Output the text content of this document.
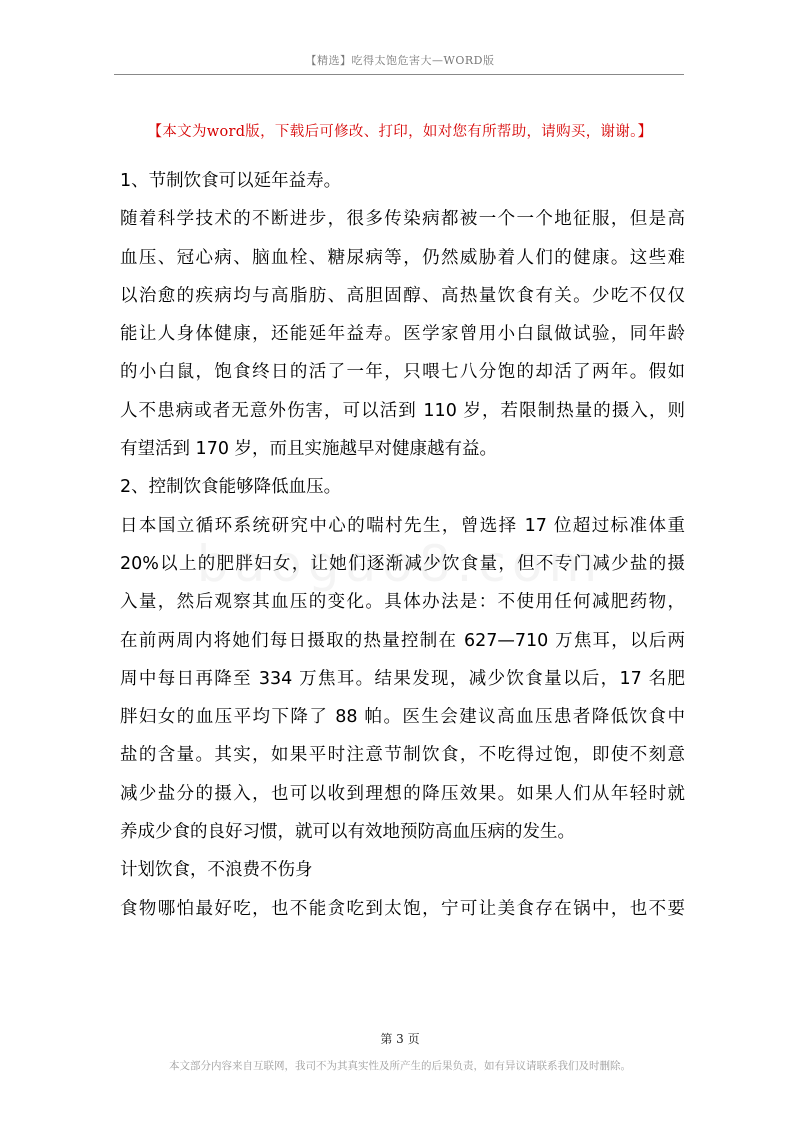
【精选】吃得太饱危害大—WORD版
【本文为word版，下载后可修改、打印，如对您有所帮助，请购买，谢谢。】
1、节制饮食可以延年益寿。
随着科学技术的不断进步，很多传染病都被一个一个地征服，但是高
血压、冠心病、脑血栓、糖尿病等，仍然威胁着人们的健康。这些难
以治愈的疾病均与高脂肪、高胆固醇、高热量饮食有关。少吃不仅仅
能让人身体健康，还能延年益寿。医学家曾用小白鼠做试验，同年龄
的小白鼠，饱食终日的活了一年，只喂七八分饱的却活了两年。假如
人不患病或者无意外伤害，可以活到 110 岁，若限制热量的摄入，则
有望活到 170 岁，而且实施越早对健康越有益。
2、控制饮食能够降低血压。
日本国立循环系统研究中心的喘村先生，曾选择 17 位超过标准体重
20%以上的肥胖妇女，让她们逐渐减少饮食量，但不专门减少盐的摄
入量，然后观察其血压的变化。具体办法是：不使用任何减肥药物，
在前两周内将她们每日摄取的热量控制在 627—710 万焦耳，以后两
周中每日再降至 334 万焦耳。结果发现，减少饮食量以后，17 名肥
胖妇女的血压平均下降了 88 帕。医生会建议高血压患者降低饮食中
盐的含量。其实，如果平时注意节制饮食，不吃得过饱，即使不刻意
减少盐分的摄入，也可以收到理想的降压效果。如果人们从年轻时就
养成少食的良好习惯，就可以有效地预防高血压病的发生。
计划饮食，不浪费不伤身
食物哪怕最好吃，也不能贪吃到太饱，宁可让美食存在锅中，也不要
第 3 页
本文部分内容来自互联网，我司不为其真实性及所产生的后果负责，如有异议请联系我们及时删除。
